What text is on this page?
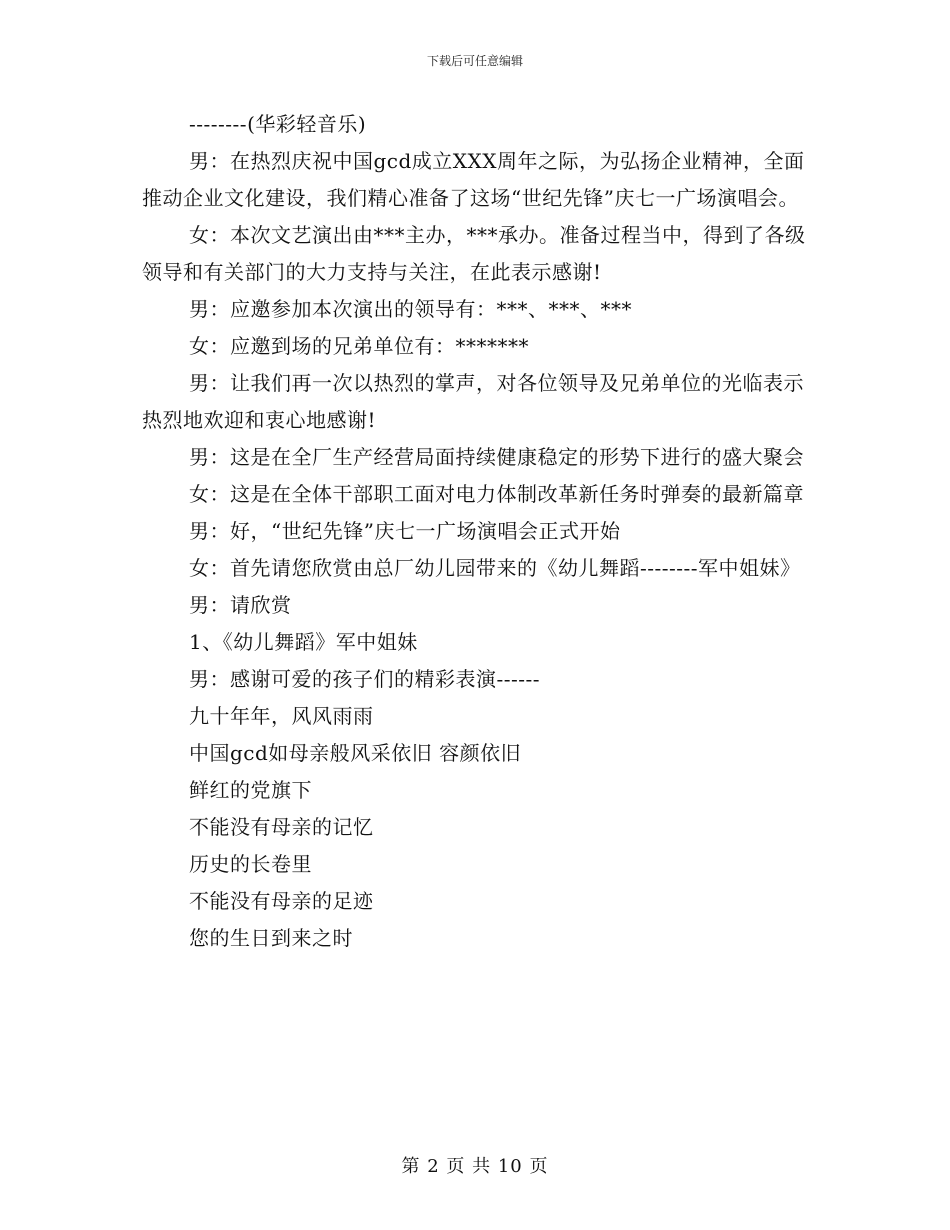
下载后可任意编辑

--------(华彩轻音乐)

男：在热烈庆祝中国gcd成立XXX周年之际，为弘扬企业精神，全面推动企业文化建设，我们精心准备了这场“世纪先锋”庆七一广场演唱会。

女：本次文艺演出由***主办，***承办。准备过程当中，得到了各级领导和有关部门的大力支持与关注，在此表示感谢!

男：应邀参加本次演出的领导有：***、***、***

女：应邀到场的兄弟单位有：*******

男：让我们再一次以热烈的掌声，对各位领导及兄弟单位的光临表示热烈地欢迎和衷心地感谢!

男：这是在全厂生产经营局面持续健康稳定的形势下进行的盛大聚会

女：这是在全体干部职工面对电力体制改革新任务时弹奏的最新篇章

男：好，“世纪先锋”庆七一广场演唱会正式开始

女：首先请您欣赏由总厂幼儿园带来的《幼儿舞蹈--------军中姐妹》

男：请欣赏

1、《幼儿舞蹈》军中姐妹

男：感谢可爱的孩子们的精彩表演------

九十年年，风风雨雨

中国gcd如母亲般风采依旧 容颜依旧

鲜红的党旗下

不能没有母亲的记忆

历史的长卷里

不能没有母亲的足迹

您的生日到来之时

第 2 页 共 10 页
